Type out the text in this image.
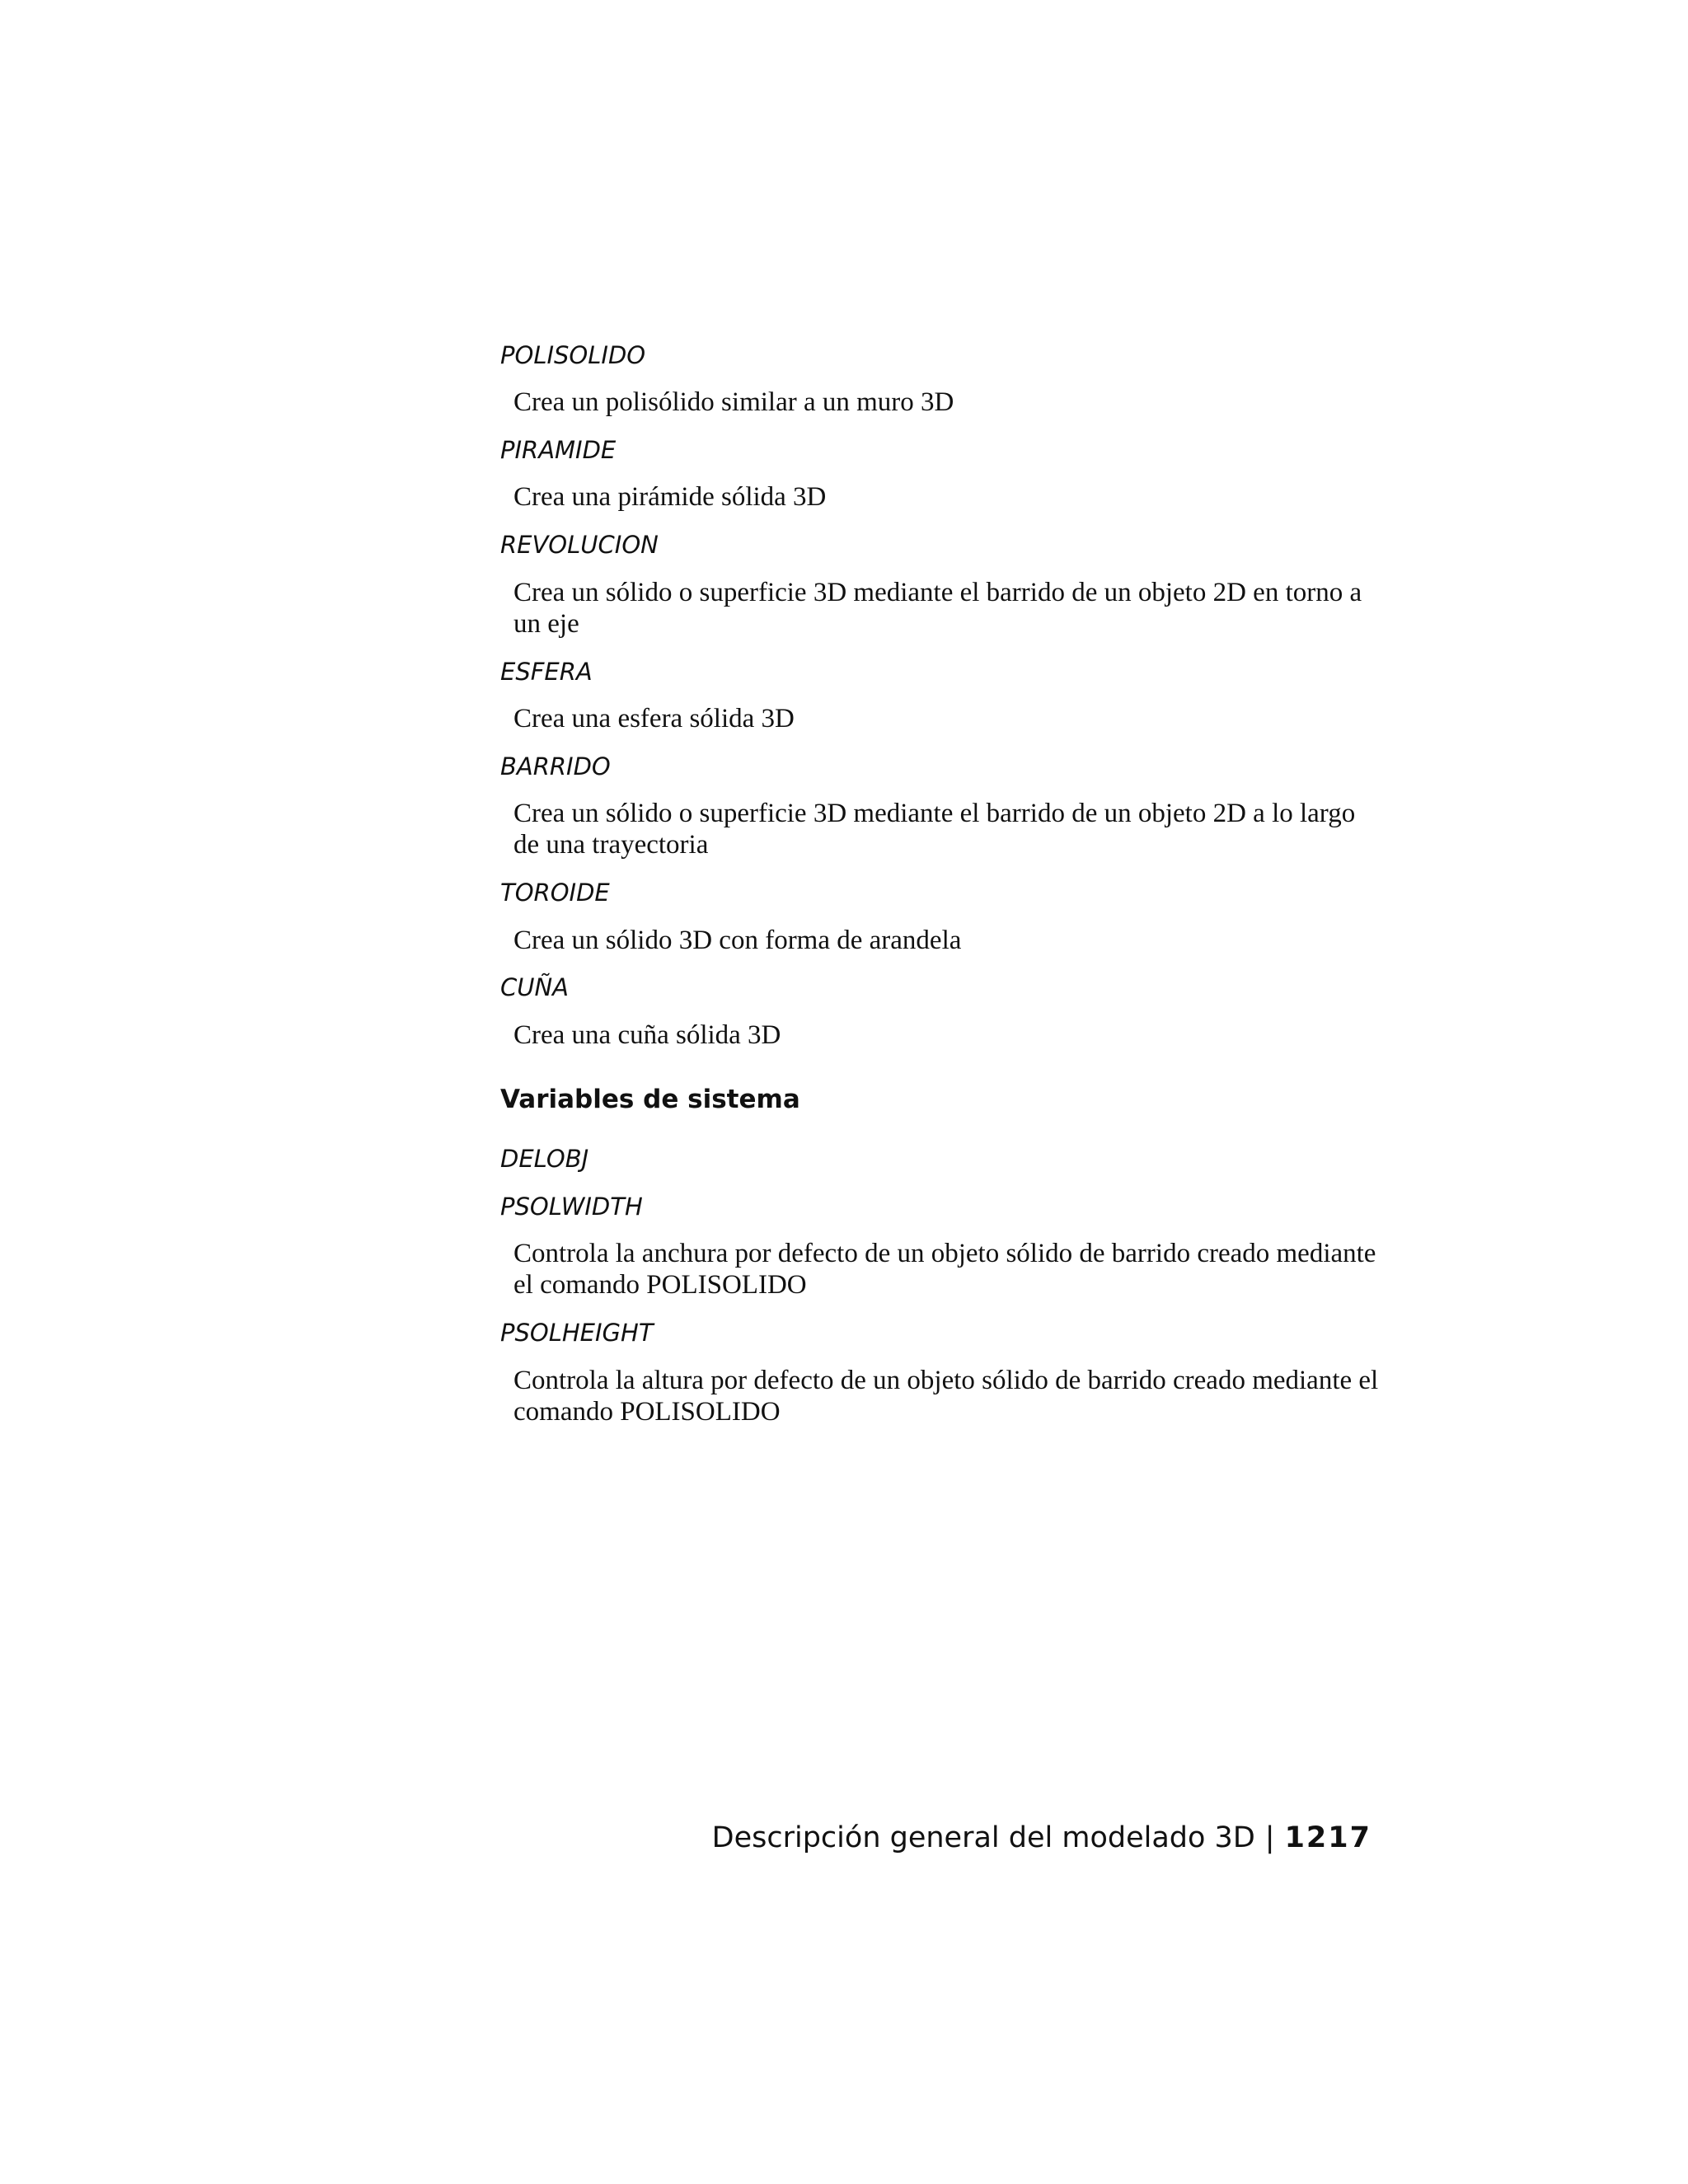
POLISOLIDO
Crea un polisólido similar a un muro 3D
PIRAMIDE
Crea una pirámide sólida 3D
REVOLUCION
Crea un sólido o superficie 3D mediante el barrido de un objeto 2D en torno a un eje
ESFERA
Crea una esfera sólida 3D
BARRIDO
Crea un sólido o superficie 3D mediante el barrido de un objeto 2D a lo largo de una trayectoria
TOROIDE
Crea un sólido 3D con forma de arandela
CUÑA
Crea una cuña sólida 3D
Variables de sistema
DELOBJ
PSOLWIDTH
Controla la anchura por defecto de un objeto sólido de barrido creado mediante el comando POLISOLIDO
PSOLHEIGHT
Controla la altura por defecto de un objeto sólido de barrido creado mediante el comando POLISOLIDO
Descripción general del modelado 3D | 1217
